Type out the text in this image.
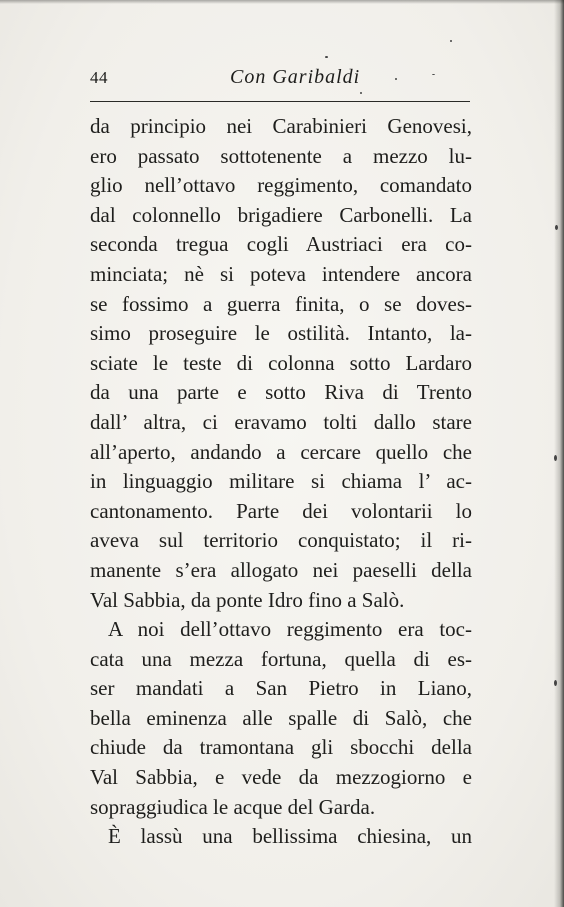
44	Con Garibaldi
da principio nei Carabinieri Genovesi,
ero passato sottotenente a mezzo lu-
glio nell’ottavo reggimento, comandato
dal colonnello brigadiere Carbonelli. La
seconda tregua cogli Austriaci era co-
minciata; nè si poteva intendere ancora
se fossimo a guerra finita, o se doves-
simo proseguire le ostilità. Intanto, la-
sciate le teste di colonna sotto Lardaro
da una parte e sotto Riva di Trento
dall’ altra, ci eravamo tolti dallo stare
all’aperto, andando a cercare quello che
in linguaggio militare si chiama l’ ac-
cantonamento. Parte dei volontarii lo
aveva sul territorio conquistato; il ri-
manente s’era allogato nei paeselli della
Val Sabbia, da ponte Idro fino a Salò.
A noi dell’ottavo reggimento era toc-
cata una mezza fortuna, quella di es-
ser mandati a San Pietro in Liano,
bella eminenza alle spalle di Salò, che
chiude da tramontana gli sbocchi della
Val Sabbia, e vede da mezzogiorno e
sopraggiudica le acque del Garda.
È lassù una bellissima chiesina, un
